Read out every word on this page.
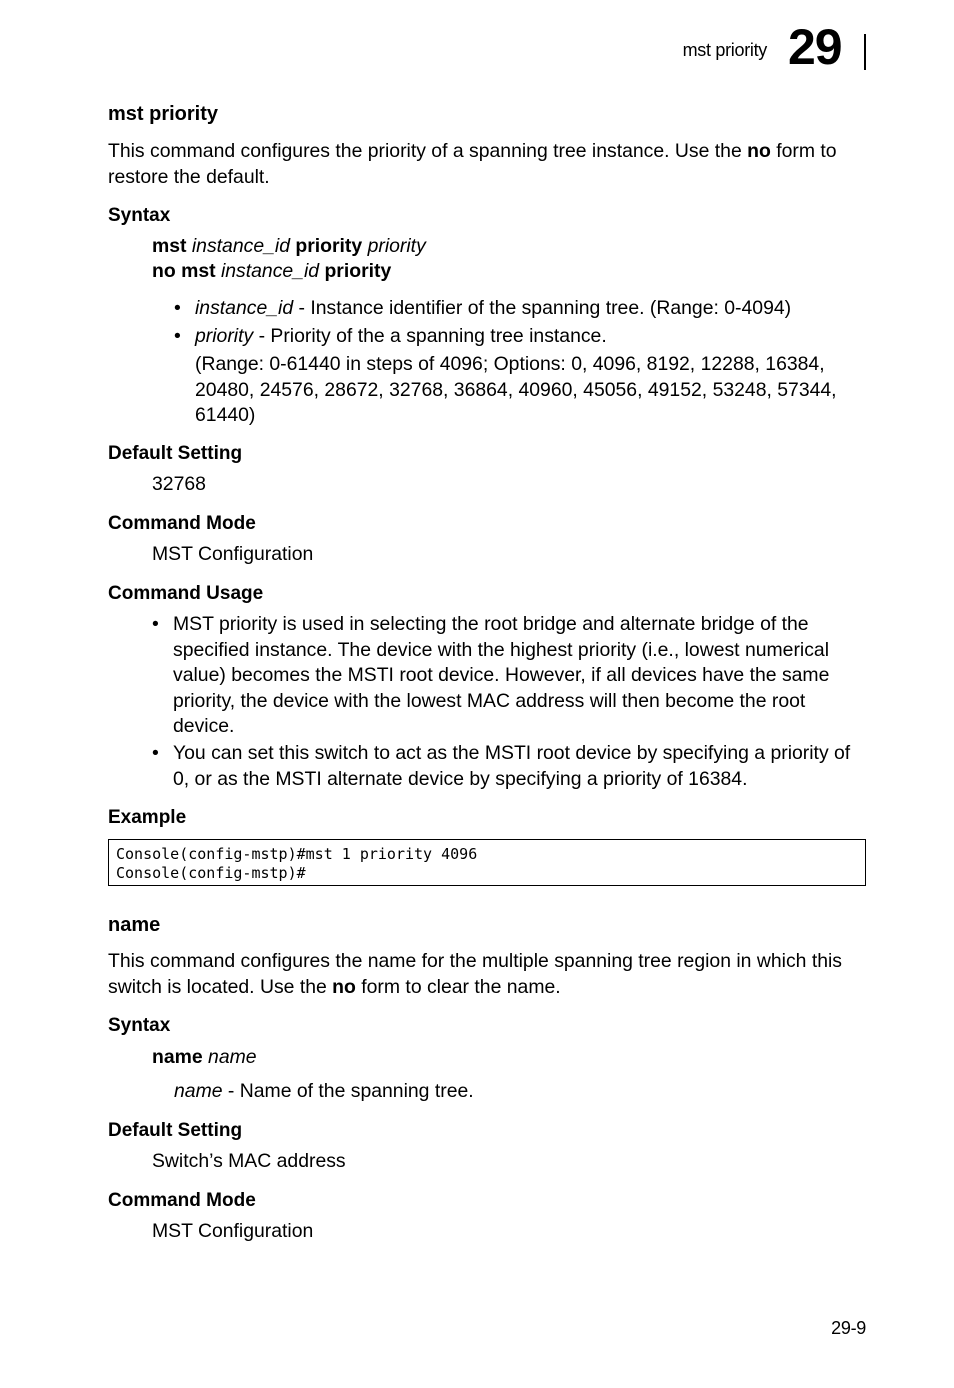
mst priority 29
mst priority

This command configures the priority of a spanning tree instance. Use the no form to restore the default.

Syntax
mst instance_id priority priority
no mst instance_id priority
• instance_id - Instance identifier of the spanning tree. (Range: 0-4094)
• priority - Priority of the a spanning tree instance.

(Range: 0-61440 in steps of 4096; Options: 0, 4096, 8192, 12288, 16384, 20480, 24576, 28672, 32768, 36864, 40960, 45056, 49152, 53248, 57344, 61440)

Default Setting
32768
Command Mode
MST Configuration
Command Usage
• MST priority is used in selecting the root bridge and alternate bridge of the specified instance. The device with the highest priority (i.e., lowest numerical value) becomes the MSTI root device. However, if all devices have the same priority, the device with the lowest MAC address will then become the root device.
• You can set this switch to act as the MSTI root device by specifying a priority of 0, or as the MSTI alternate device by specifying a priority of 16384.
Example
Console(config-mstp)#mst 1 priority 4096
Console(config-mstp)#
name

This command configures the name for the multiple spanning tree region in which this switch is located. Use the no form to clear the name.

Syntax
name name
name - Name of the spanning tree.
Default Setting
Switch’s MAC address
Command Mode
MST Configuration
29-9
